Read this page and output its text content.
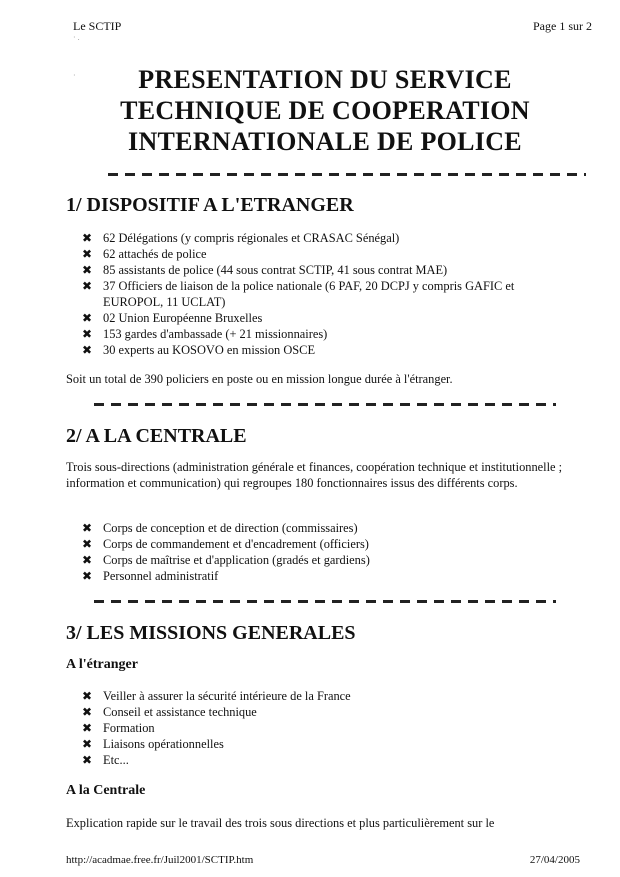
Le SCTIP	Page 1 sur 2
· .
·	PRESENTATION DU SERVICE
TECHNIQUE DE COOPERATION
INTERNATIONALE DE POLICE
1/ DISPOSITIF A L'ETRANGER
✖ 62 Délégations (y compris régionales et CRASAC Sénégal)
✖ 62 attachés de police
✖ 85 assistants de police (44 sous contrat SCTIP, 41 sous contrat MAE)
✖ 37 Officiers de liaison de la police nationale (6 PAF, 20 DCPJ y compris GAFIC et EUROPOL, 11 UCLAT)
✖ 02 Union Européenne Bruxelles
✖ 153 gardes d'ambassade (+ 21 missionnaires)
✖ 30 experts au KOSOVO en mission OSCE
Soit un total de 390 policiers en poste ou en mission longue durée à l'étranger.
2/ A LA CENTRALE
Trois sous-directions (administration générale et finances, coopération technique et institutionnelle ; information et communication) qui regroupes 180 fonctionnaires issus des différents corps.
✖ Corps de conception et de direction (commissaires)
✖ Corps de commandement et d'encadrement (officiers)
✖ Corps de maîtrise et d'application (gradés et gardiens)
✖ Personnel administratif
3/ LES MISSIONS GENERALES
A l'étranger
✖ Veiller à assurer la sécurité intérieure de la France
✖ Conseil et assistance technique
✖ Formation
✖ Liaisons opérationnelles
✖ Etc...
A la Centrale
Explication rapide sur le travail des trois sous directions et plus particulièrement sur le
http://acadmae.free.fr/Juil2001/SCTIP.htm	27/04/2005
